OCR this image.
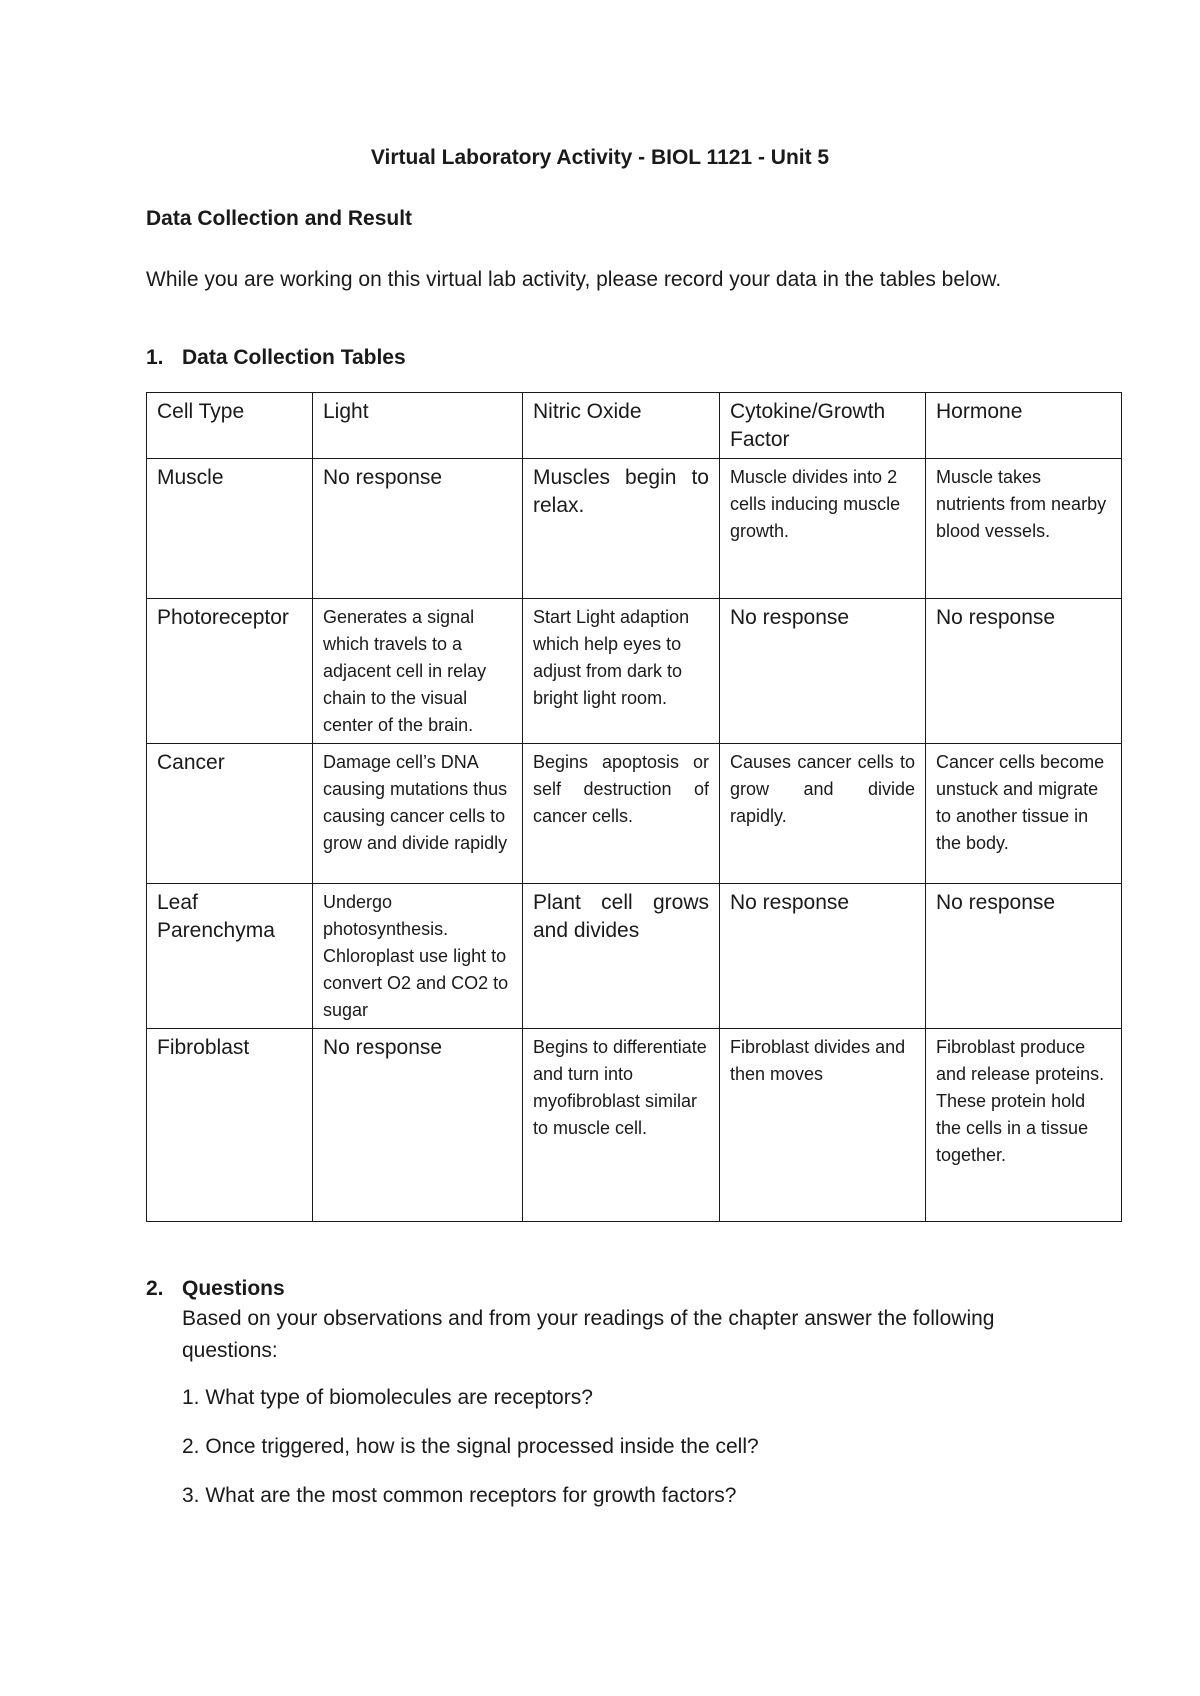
Virtual Laboratory Activity - BIOL 1121 - Unit 5
Data Collection and Result
While you are working on this virtual lab activity, please record your data in the tables below.
1. Data Collection Tables
Cell Type	Light	Nitric Oxide	Cytokine/Growth Factor	Hormone
Muscle	No response	Muscles begin to relax.	Muscle divides into 2 cells inducing muscle growth.	Muscle takes nutrients from nearby blood vessels.
Photoreceptor	Generates a signal which travels to a adjacent cell in relay chain to the visual center of the brain.	Start Light adaption which help eyes to adjust from dark to bright light room.	No response	No response
Cancer	Damage cell’s DNA causing mutations thus causing cancer cells to grow and divide rapidly	Begins apoptosis or self destruction of cancer cells.	Causes cancer cells to grow and divide rapidly.	Cancer cells become unstuck and migrate to another tissue in the body.
Leaf Parenchyma	Undergo photosynthesis. Chloroplast use light to convert O2 and CO2 to sugar	Plant cell grows and divides	No response	No response
Fibroblast	No response	Begins to differentiate and turn into myofibroblast similar to muscle cell.	Fibroblast divides and then moves	Fibroblast produce and release proteins. These protein hold the cells in a tissue together.
2. Questions
Based on your observations and from your readings of the chapter answer the following questions:
1. What type of biomolecules are receptors?
2. Once triggered, how is the signal processed inside the cell?
3. What are the most common receptors for growth factors?
